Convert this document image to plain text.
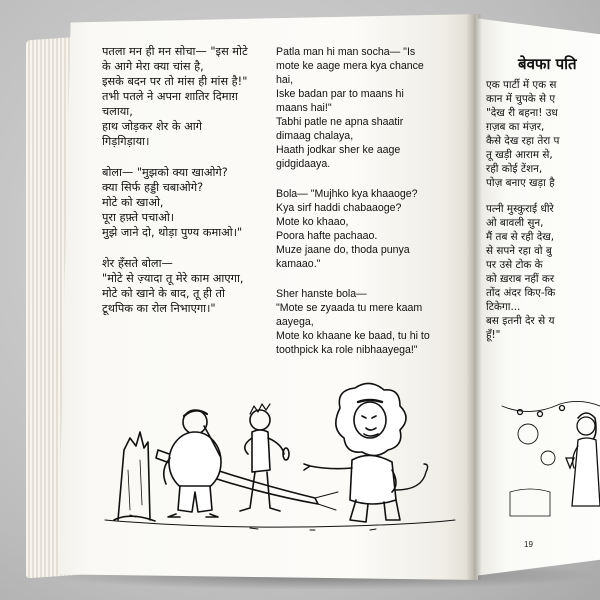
पतला मन ही मन सोचा— "इस मोटे
के आगे मेरा क्या चांस है,
इसके बदन पर तो मांस ही मांस है!"
तभी पतले ने अपना शातिर दिमाग़
चलाया,
हाथ जोड़कर शेर के आगे
गिड़गिड़ाया।

बोला— "मुझको क्या खाओगे?
क्या सिर्फ हड्डी चबाओगे?
मोटे को खाओ,
पूरा हफ़्ते पचाओ।
मुझे जाने दो, थोड़ा पुण्य कमाओ।"

शेर हँसते बोला—
"मोटे से ज़्यादा तू मेरे काम आएगा,
मोटे को खाने के बाद, तू ही तो
टूथपिक का रोल निभाएगा।"

Patla man hi man socha— "Is
mote ke aage mera kya chance
hai,
Iske badan par to maans hi
maans hai!"
Tabhi patle ne apna shaatir
dimaag chalaya,
Haath jodkar sher ke aage
gidgidaaya.

Bola— "Mujhko kya khaaoge?
Kya sirf haddi chabaaoge?
Mote ko khaao,
Poora hafte pachaao.
Muze jaane do, thoda punya
kamaao."

Sher hanste bola—
"Mote se zyaada tu mere kaam
aayega,
Mote ko khaane ke baad, tu hi to
toothpick ka role nibhaayega!"

बेवफा पति

एक पार्टी में एक स
कान में चुपके से ए
"देख री बहना! उध
ग़ज़ब का मंज़र,
कैसे देख रहा तेरा प
तू खड़ी आराम से,
रही कोई टेंशन,
पोज़ बनाए खड़ा है

पत्नी मुस्कुराई धीरे
ओ बावली सुन,
मैं तब से रही देख,
से सपने रहा वो बु
पर उसे टोक के
को ख़राब नहीं कर
तोंद अंदर किए-कि
टिकेगा...
बस इतनी देर से य
हूँ!"

19
